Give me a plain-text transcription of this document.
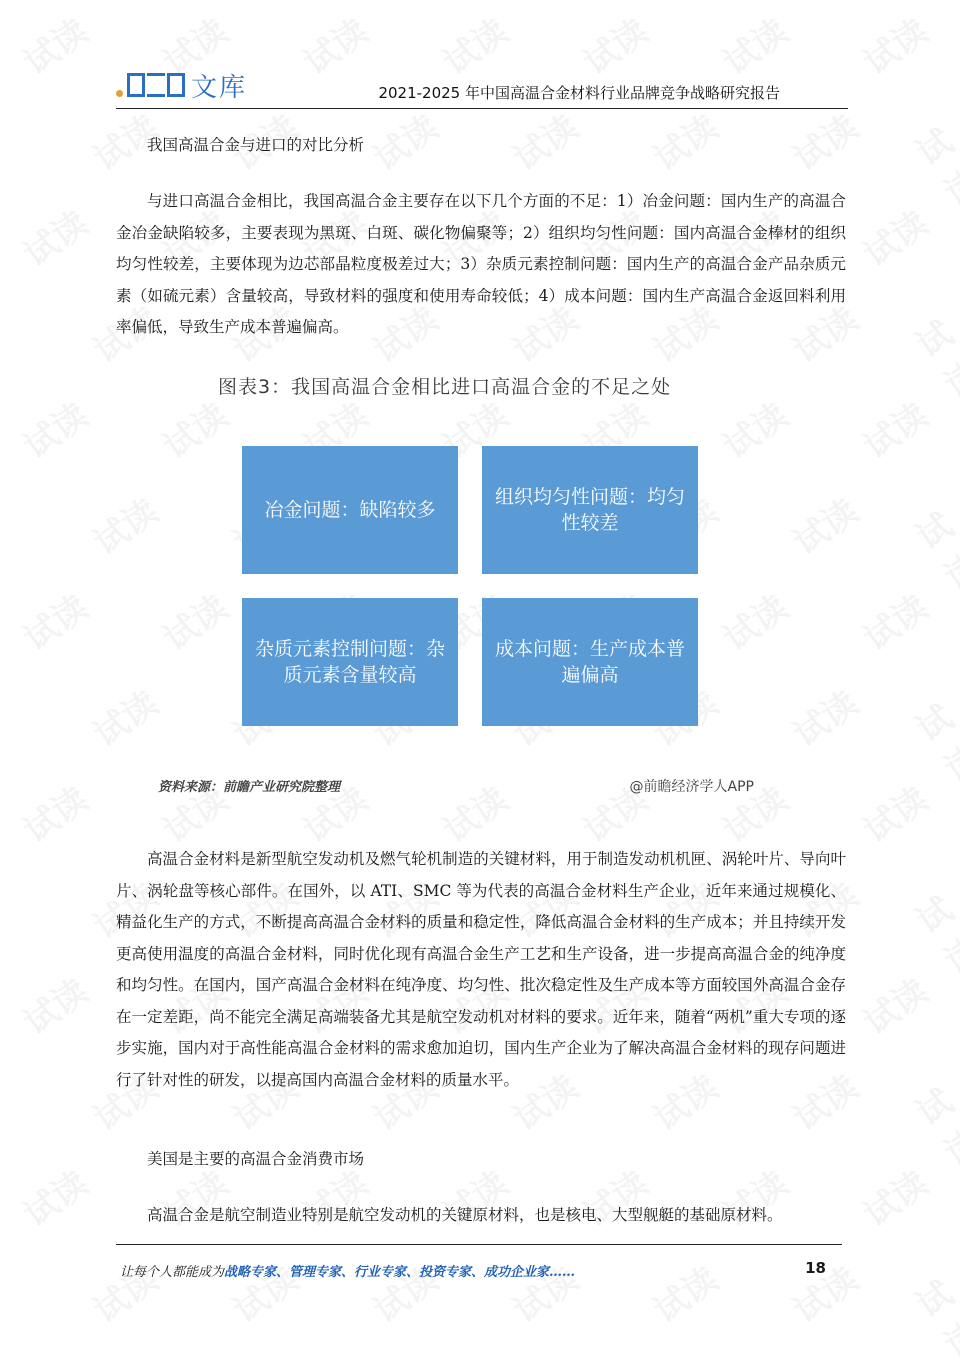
文库	2021-2025 年中国高温合金材料行业品牌竞争战略研究报告

我国高温合金与进口的对比分析

与进口高温合金相比，我国高温合金主要存在以下几个方面的不足：1）冶金问题：国内生产的高温合金冶金缺陷较多，主要表现为黑斑、白斑、碳化物偏聚等；2）组织均匀性问题：国内高温合金棒材的组织均匀性较差，主要体现为边芯部晶粒度极差过大；3）杂质元素控制问题：国内生产的高温合金产品杂质元素（如硫元素）含量较高，导致材料的强度和使用寿命较低；4）成本问题：国内生产高温合金返回料利用率偏低，导致生产成本普遍偏高。

图表3：我国高温合金相比进口高温合金的不足之处
冶金问题：缺陷较多
组织均匀性问题：均匀性较差
杂质元素控制问题：杂质元素含量较高
成本问题：生产成本普遍偏高
资料来源：前瞻产业研究院整理	@前瞻经济学人APP

高温合金材料是新型航空发动机及燃气轮机制造的关键材料，用于制造发动机机匣、涡轮叶片、导向叶片、涡轮盘等核心部件。在国外，以 ATI、SMC 等为代表的高温合金材料生产企业，近年来通过规模化、精益化生产的方式，不断提高高温合金材料的质量和稳定性，降低高温合金材料的生产成本；并且持续开发更高使用温度的高温合金材料，同时优化现有高温合金生产工艺和生产设备，进一步提高高温合金的纯净度和均匀性。在国内，国产高温合金材料在纯净度、均匀性、批次稳定性及生产成本等方面较国外高温合金存在一定差距，尚不能完全满足高端装备尤其是航空发动机对材料的要求。近年来，随着“两机”重大专项的逐步实施，国内对于高性能高温合金材料的需求愈加迫切，国内生产企业为了解决高温合金材料的现存问题进行了针对性的研发，以提高国内高温合金材料的质量水平。

美国是主要的高温合金消费市场

高温合金是航空制造业特别是航空发动机的关键原材料，也是核电、大型舰艇的基础原材料。

让每个人都能成为战略专家、管理专家、行业专家、投资专家、成功企业家……	18
